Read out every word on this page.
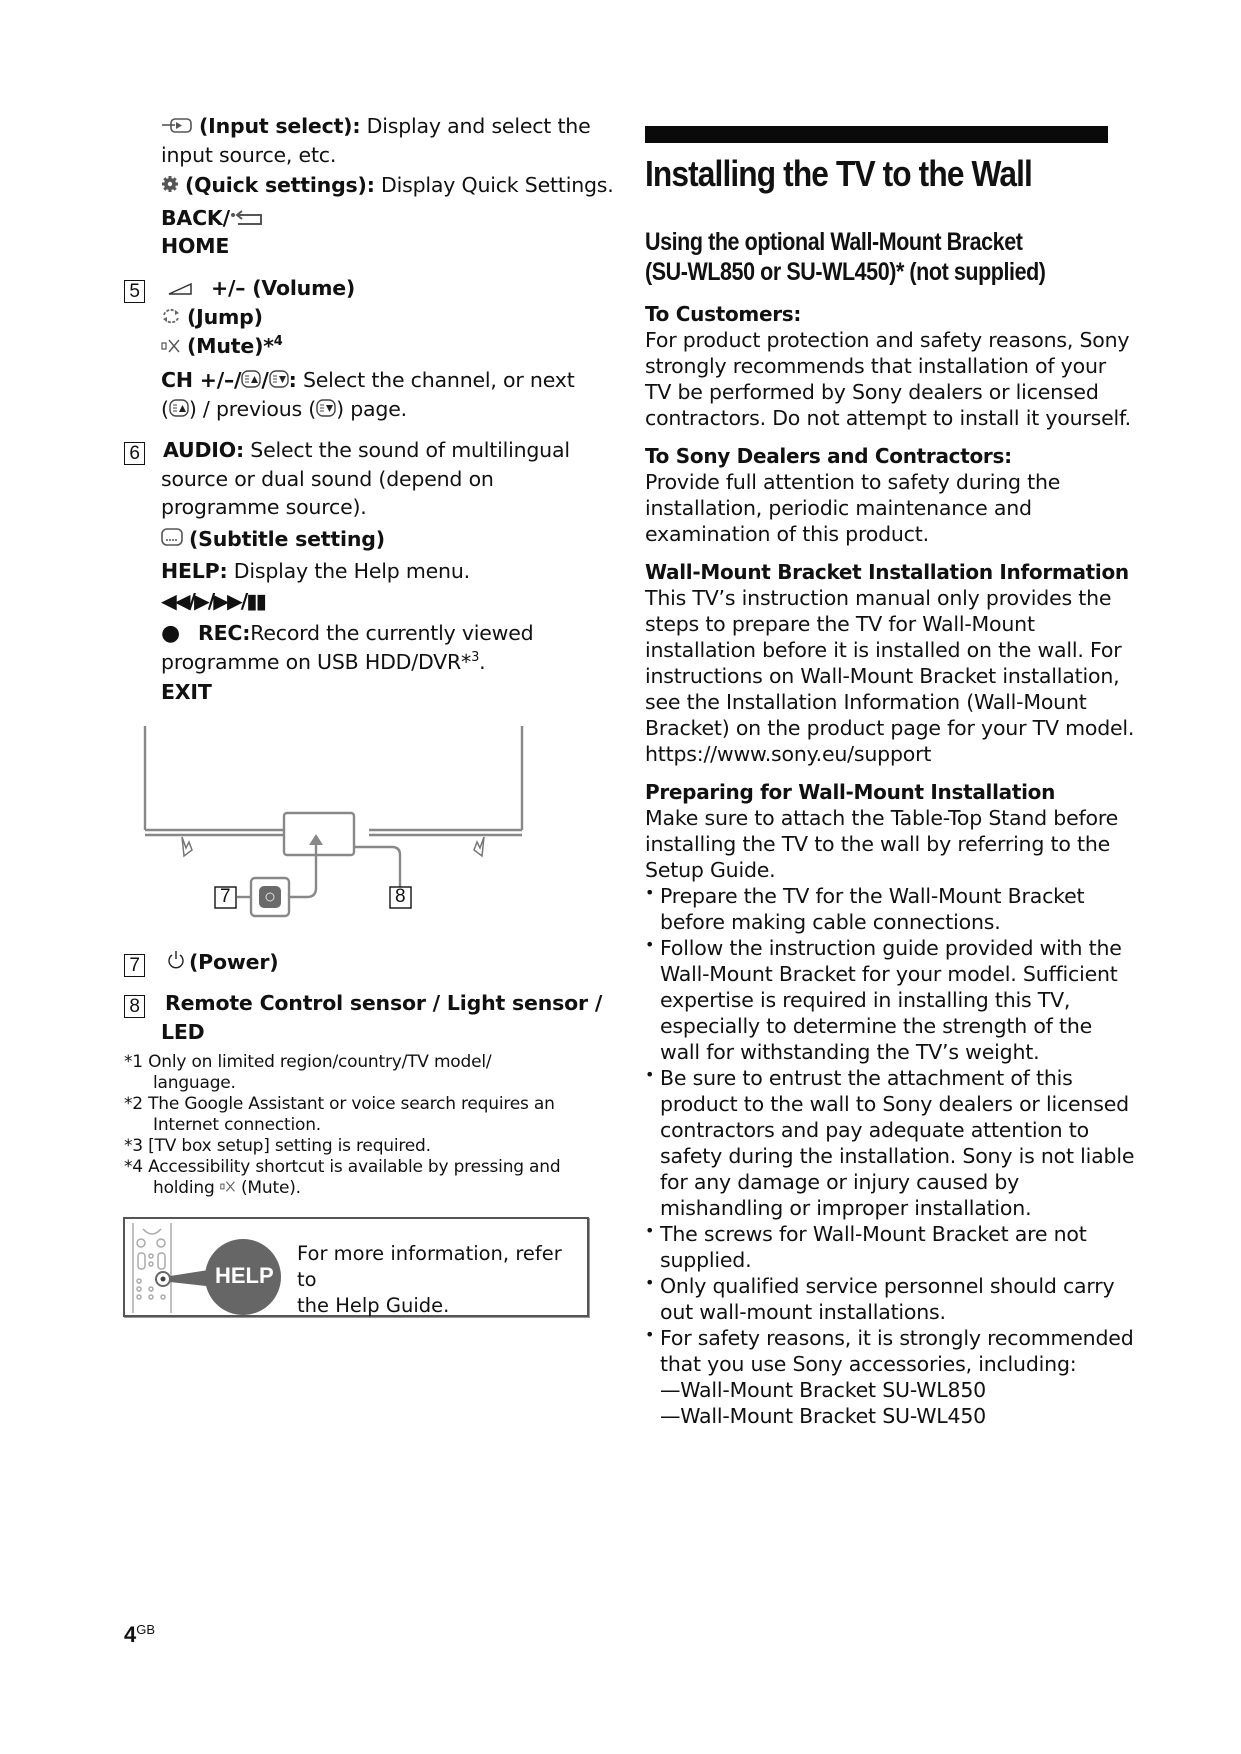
(Input select): Display and select the

input source, etc.

(Quick settings): Display Quick Settings.

BACK/

HOME

5	+/– (Volume)

(Jump)

(Mute)*$^4$

CH +/–/ / : Select the channel, or next

( ) / previous ( ) page.

6 AUDIO: Select the sound of multilingual

source or dual sound (depend on

programme source).

(Subtitle setting)

HELP: Display the Help menu.

◀◀/▶/▶▶/▮▮

● REC:Record the currently viewed

programme on USB HDD/DVR*$^3$.

EXIT

7	8

7 (Power)

8 Remote Control sensor / Light sensor /

LED

*1 Only on limited region/country/TV model/
language.
*2 The Google Assistant or voice search requires an
Internet connection.
*3 [TV box setup] setting is required.
*4 Accessibility shortcut is available by pressing and
holding  (Mute).
HELP
For more information, refer to
the Help Guide.
Installing the TV to the Wall
Using the optional Wall-Mount Bracket
(SU-WL850 or SU-WL450)* (not supplied)
To Customers:
For product protection and safety reasons, Sony
strongly recommends that installation of your
TV be performed by Sony dealers or licensed
contractors. Do not attempt to install it yourself.
To Sony Dealers and Contractors:
Provide full attention to safety during the
installation, periodic maintenance and
examination of this product.
Wall-Mount Bracket Installation Information
This TV’s instruction manual only provides the
steps to prepare the TV for Wall-Mount
installation before it is installed on the wall. For
instructions on Wall-Mount Bracket installation,
see the Installation Information (Wall-Mount
Bracket) on the product page for your TV model.
https://www.sony.eu/support
Preparing for Wall-Mount Installation
Make sure to attach the Table-Top Stand before
installing the TV to the wall by referring to the
Setup Guide.
• Prepare the TV for the Wall-Mount Bracket
before making cable connections.
• Follow the instruction guide provided with the
Wall-Mount Bracket for your model. Sufficient
expertise is required in installing this TV,
especially to determine the strength of the
wall for withstanding the TV’s weight.
• Be sure to entrust the attachment of this
product to the wall to Sony dealers or licensed
contractors and pay adequate attention to
safety during the installation. Sony is not liable
for any damage or injury caused by
mishandling or improper installation.
• The screws for Wall-Mount Bracket are not
supplied.
• Only qualified service personnel should carry
out wall-mount installations.
• For safety reasons, it is strongly recommended
that you use Sony accessories, including:
—Wall-Mount Bracket SU-WL850
—Wall-Mount Bracket SU-WL450
$4^{GB}$
